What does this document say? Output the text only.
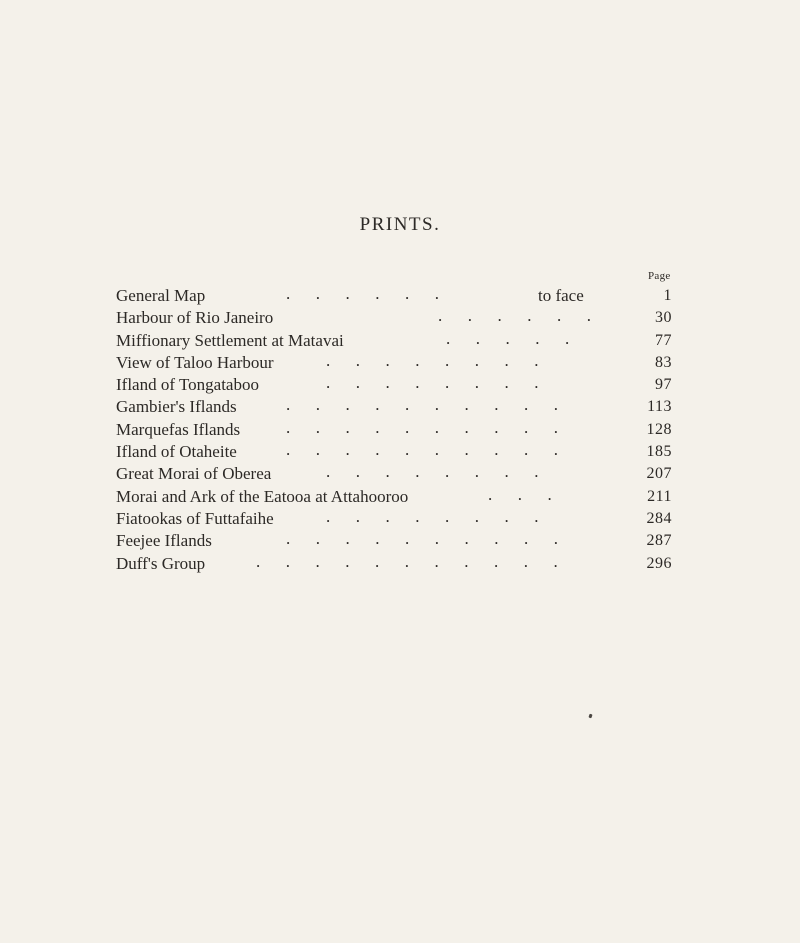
PRINTS.
Page
General Map	.      .      .      .      .      .	to face	1
Harbour of Rio Janeiro	.      .      .      .      .      .	30
Miffionary Settlement at Matavai	.      .      .      .      .	77
View of Taloo Harbour	.      .      .      .      .      .      .      .	83
Ifland of Tongataboo	.      .      .      .      .      .      .      .	97
Gambier's Iflands	.      .      .      .      .      .      .      .      .      .	113
Marquefas Iflands	.      .      .      .      .      .      .      .      .      .	128
Ifland of Otaheite	.      .      .      .      .      .      .      .      .      .	185
Great Morai of Oberea	.      .      .      .      .      .      .      .	207
Morai and Ark of the Eatooa at Attahooroo	.      .      .	211
Fiatookas of Futtafaihe	.      .      .      .      .      .      .      .	284
Feejee Iflands	.      .      .      .      .      .      .      .      .      .	287
Duff's Group	.      .      .      .      .      .      .      .      .      .      .	296
